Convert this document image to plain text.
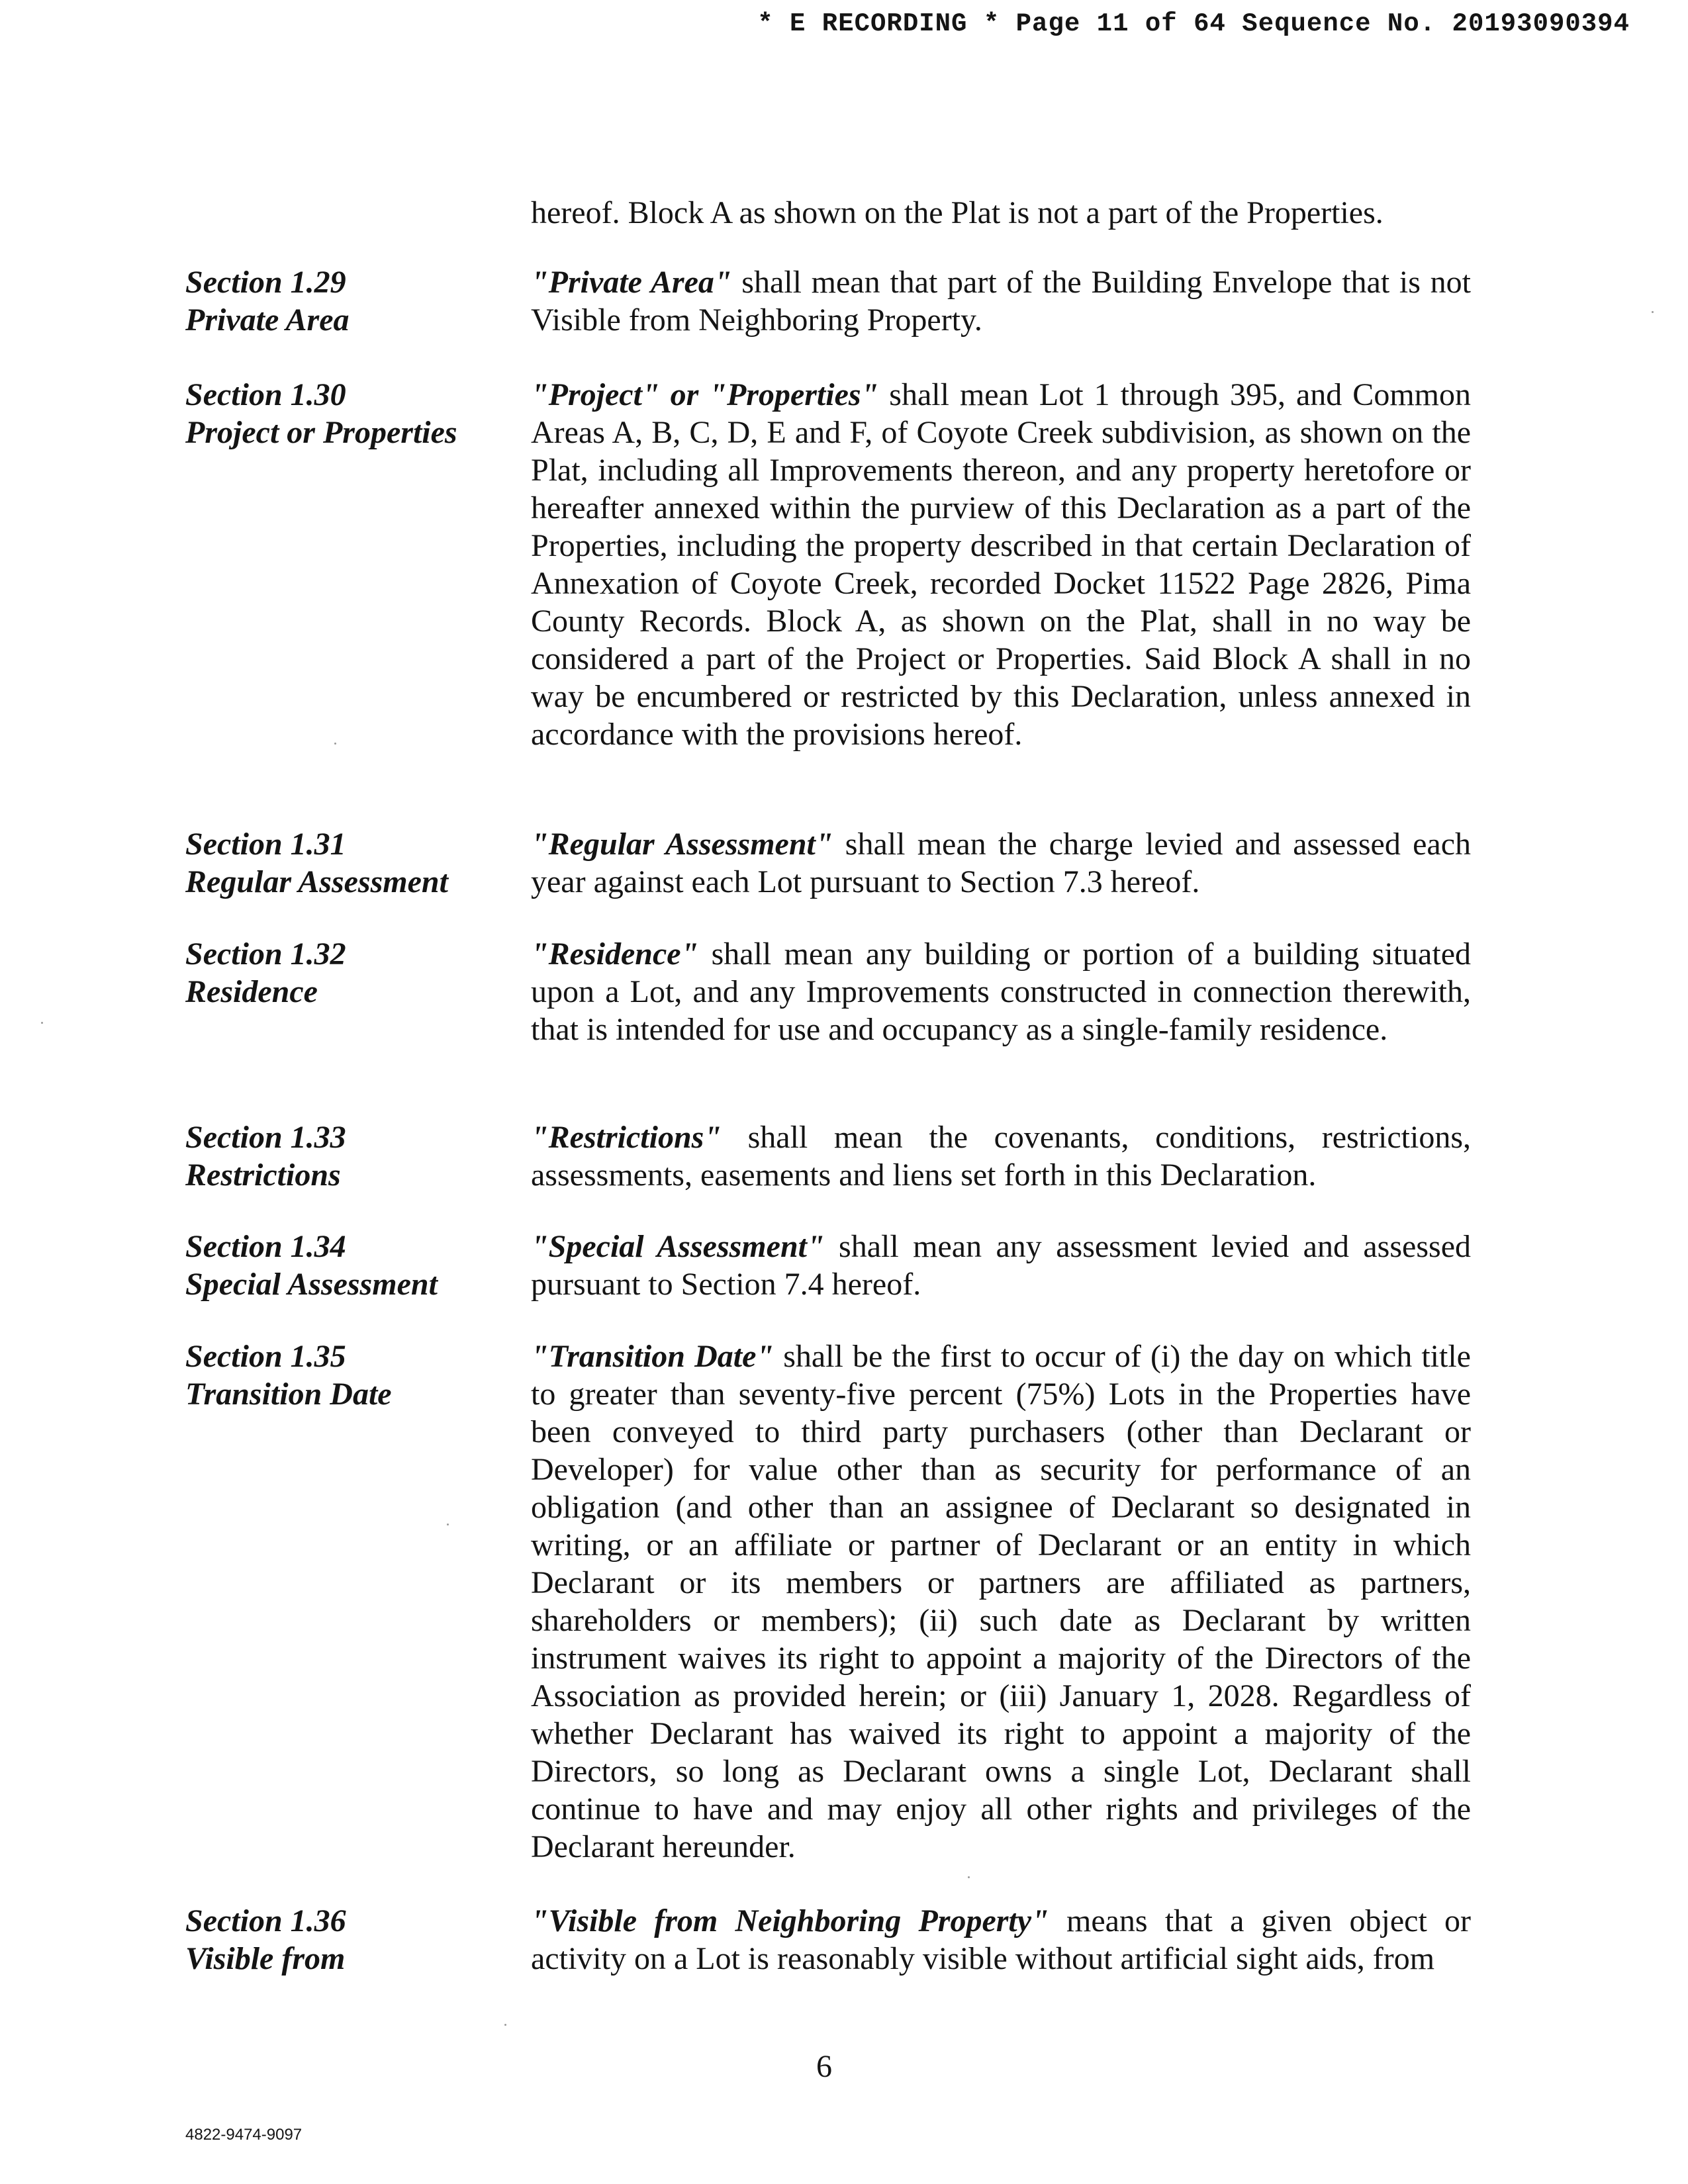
* E RECORDING * Page 11 of 64 Sequence No. 20193090394
hereof. Block A as shown on the Plat is not a part of the Properties.
Section 1.29
Private Area
"Private Area" shall mean that part of the Building Envelope that is not Visible from Neighboring Property.
Section 1.30
Project or Properties
"Project" or "Properties" shall mean Lot 1 through 395, and Common Areas A, B, C, D, E and F, of Coyote Creek subdivision, as shown on the Plat, including all Improvements thereon, and any property heretofore or hereafter annexed within the purview of this Declaration as a part of the Properties, including the property described in that certain Declaration of Annexation of Coyote Creek, recorded Docket 11522 Page 2826, Pima County Records. Block A, as shown on the Plat, shall in no way be considered a part of the Project or Properties. Said Block A shall in no way be encumbered or restricted by this Declaration, unless annexed in accordance with the provisions hereof.
Section 1.31
Regular Assessment
"Regular Assessment" shall mean the charge levied and assessed each year against each Lot pursuant to Section 7.3 hereof.
Section 1.32
Residence
"Residence" shall mean any building or portion of a building situated upon a Lot, and any Improvements constructed in connection therewith, that is intended for use and occupancy as a single-family residence.
Section 1.33
Restrictions
"Restrictions" shall mean the covenants, conditions, restrictions, assessments, easements and liens set forth in this Declaration.
Section 1.34
Special Assessment
"Special Assessment" shall mean any assessment levied and assessed pursuant to Section 7.4 hereof.
Section 1.35
Transition Date
"Transition Date" shall be the first to occur of (i) the day on which title to greater than seventy-five percent (75%) Lots in the Properties have been conveyed to third party purchasers (other than Declarant or Developer) for value other than as security for performance of an obligation (and other than an assignee of Declarant so designated in writing, or an affiliate or partner of Declarant or an entity in which Declarant or its members or partners are affiliated as partners, shareholders or members); (ii) such date as Declarant by written instrument waives its right to appoint a majority of the Directors of the Association as provided herein; or (iii) January 1, 2028. Regardless of whether Declarant has waived its right to appoint a majority of the Directors, so long as Declarant owns a single Lot, Declarant shall continue to have and may enjoy all other rights and privileges of the Declarant hereunder.
Section 1.36
Visible from
"Visible from Neighboring Property" means that a given object or activity on a Lot is reasonably visible without artificial sight aids, from
6
4822-9474-9097
